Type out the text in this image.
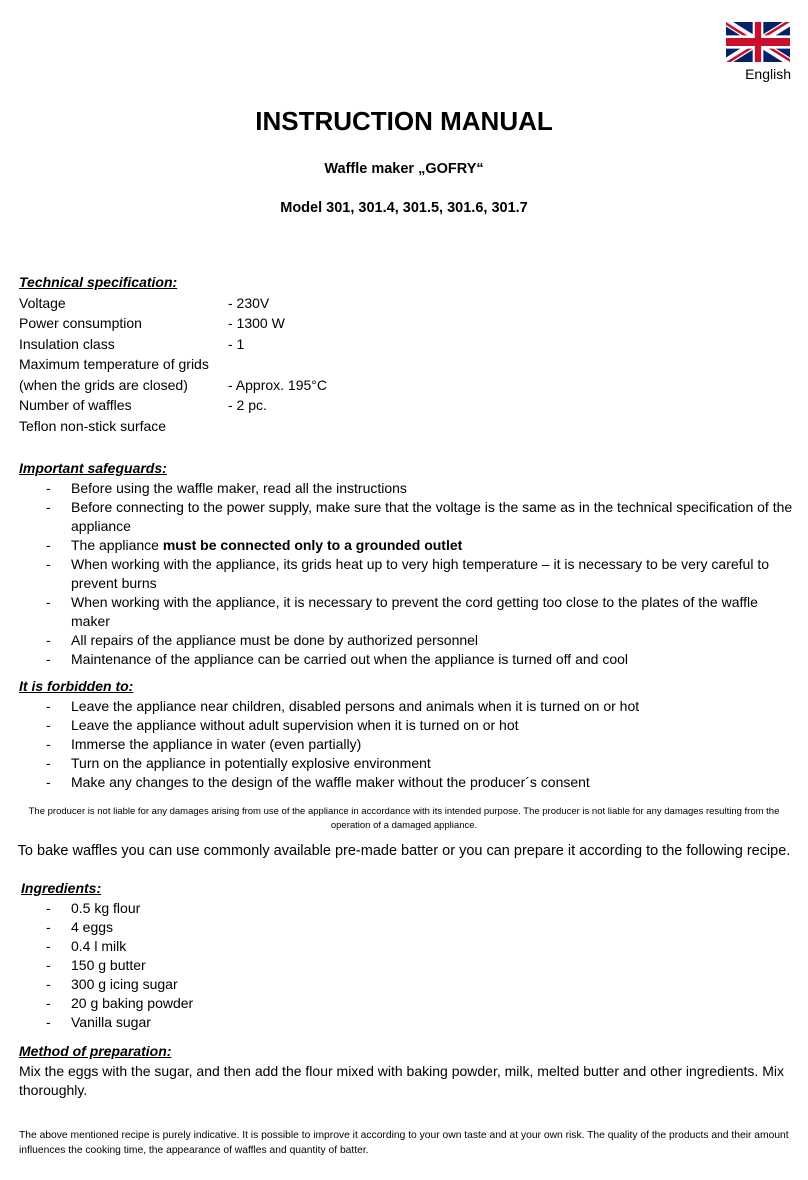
English
INSTRUCTION MANUAL
Waffle maker „GOFRY“
Model 301, 301.4, 301.5, 301.6, 301.7
Technical specification:
Voltage	- 230V
Power consumption	- 1300 W
Insulation class	- 1
Maximum temperature of grids
(when the grids are closed)	- Approx. 195°C
Number of waffles	- 2 pc.
Teflon non-stick surface
Important safeguards:
- Before using the waffle maker, read all the instructions
- Before connecting to the power supply, make sure that the voltage is the same as in the technical specification of the appliance
- The appliance must be connected only to a grounded outlet
- When working with the appliance, its grids heat up to very high temperature – it is necessary to be very careful to prevent burns
- When working with the appliance, it is necessary to prevent the cord getting too close to the plates of the waffle maker
- All repairs of the appliance must be done by authorized personnel
- Maintenance of the appliance can be carried out when the appliance is turned off and cool
It is forbidden to:
- Leave the appliance near children, disabled persons and animals when it is turned on or hot
- Leave the appliance without adult supervision when it is turned on or hot
- Immerse the appliance in water (even partially)
- Turn on the appliance in potentially explosive environment
- Make any changes to the design of the waffle maker without the producer´s consent
The producer is not liable for any damages arising from use of the appliance in accordance with its intended purpose. The producer is not liable for any damages resulting from the operation of a damaged appliance.
To bake waffles you can use commonly available pre-made batter or you can prepare it according to the following recipe.
Ingredients:
- 0.5 kg flour
- 4 eggs
- 0.4 l milk
- 150 g butter
- 300 g icing sugar
- 20 g baking powder
- Vanilla sugar
Method of preparation:
Mix the eggs with the sugar, and then add the flour mixed with baking powder, milk, melted butter and other ingredients. Mix thoroughly.
The above mentioned recipe is purely indicative. It is possible to improve it according to your own taste and at your own risk. The quality of the products and their amount influences the cooking time, the appearance of waffles and quantity of batter.
